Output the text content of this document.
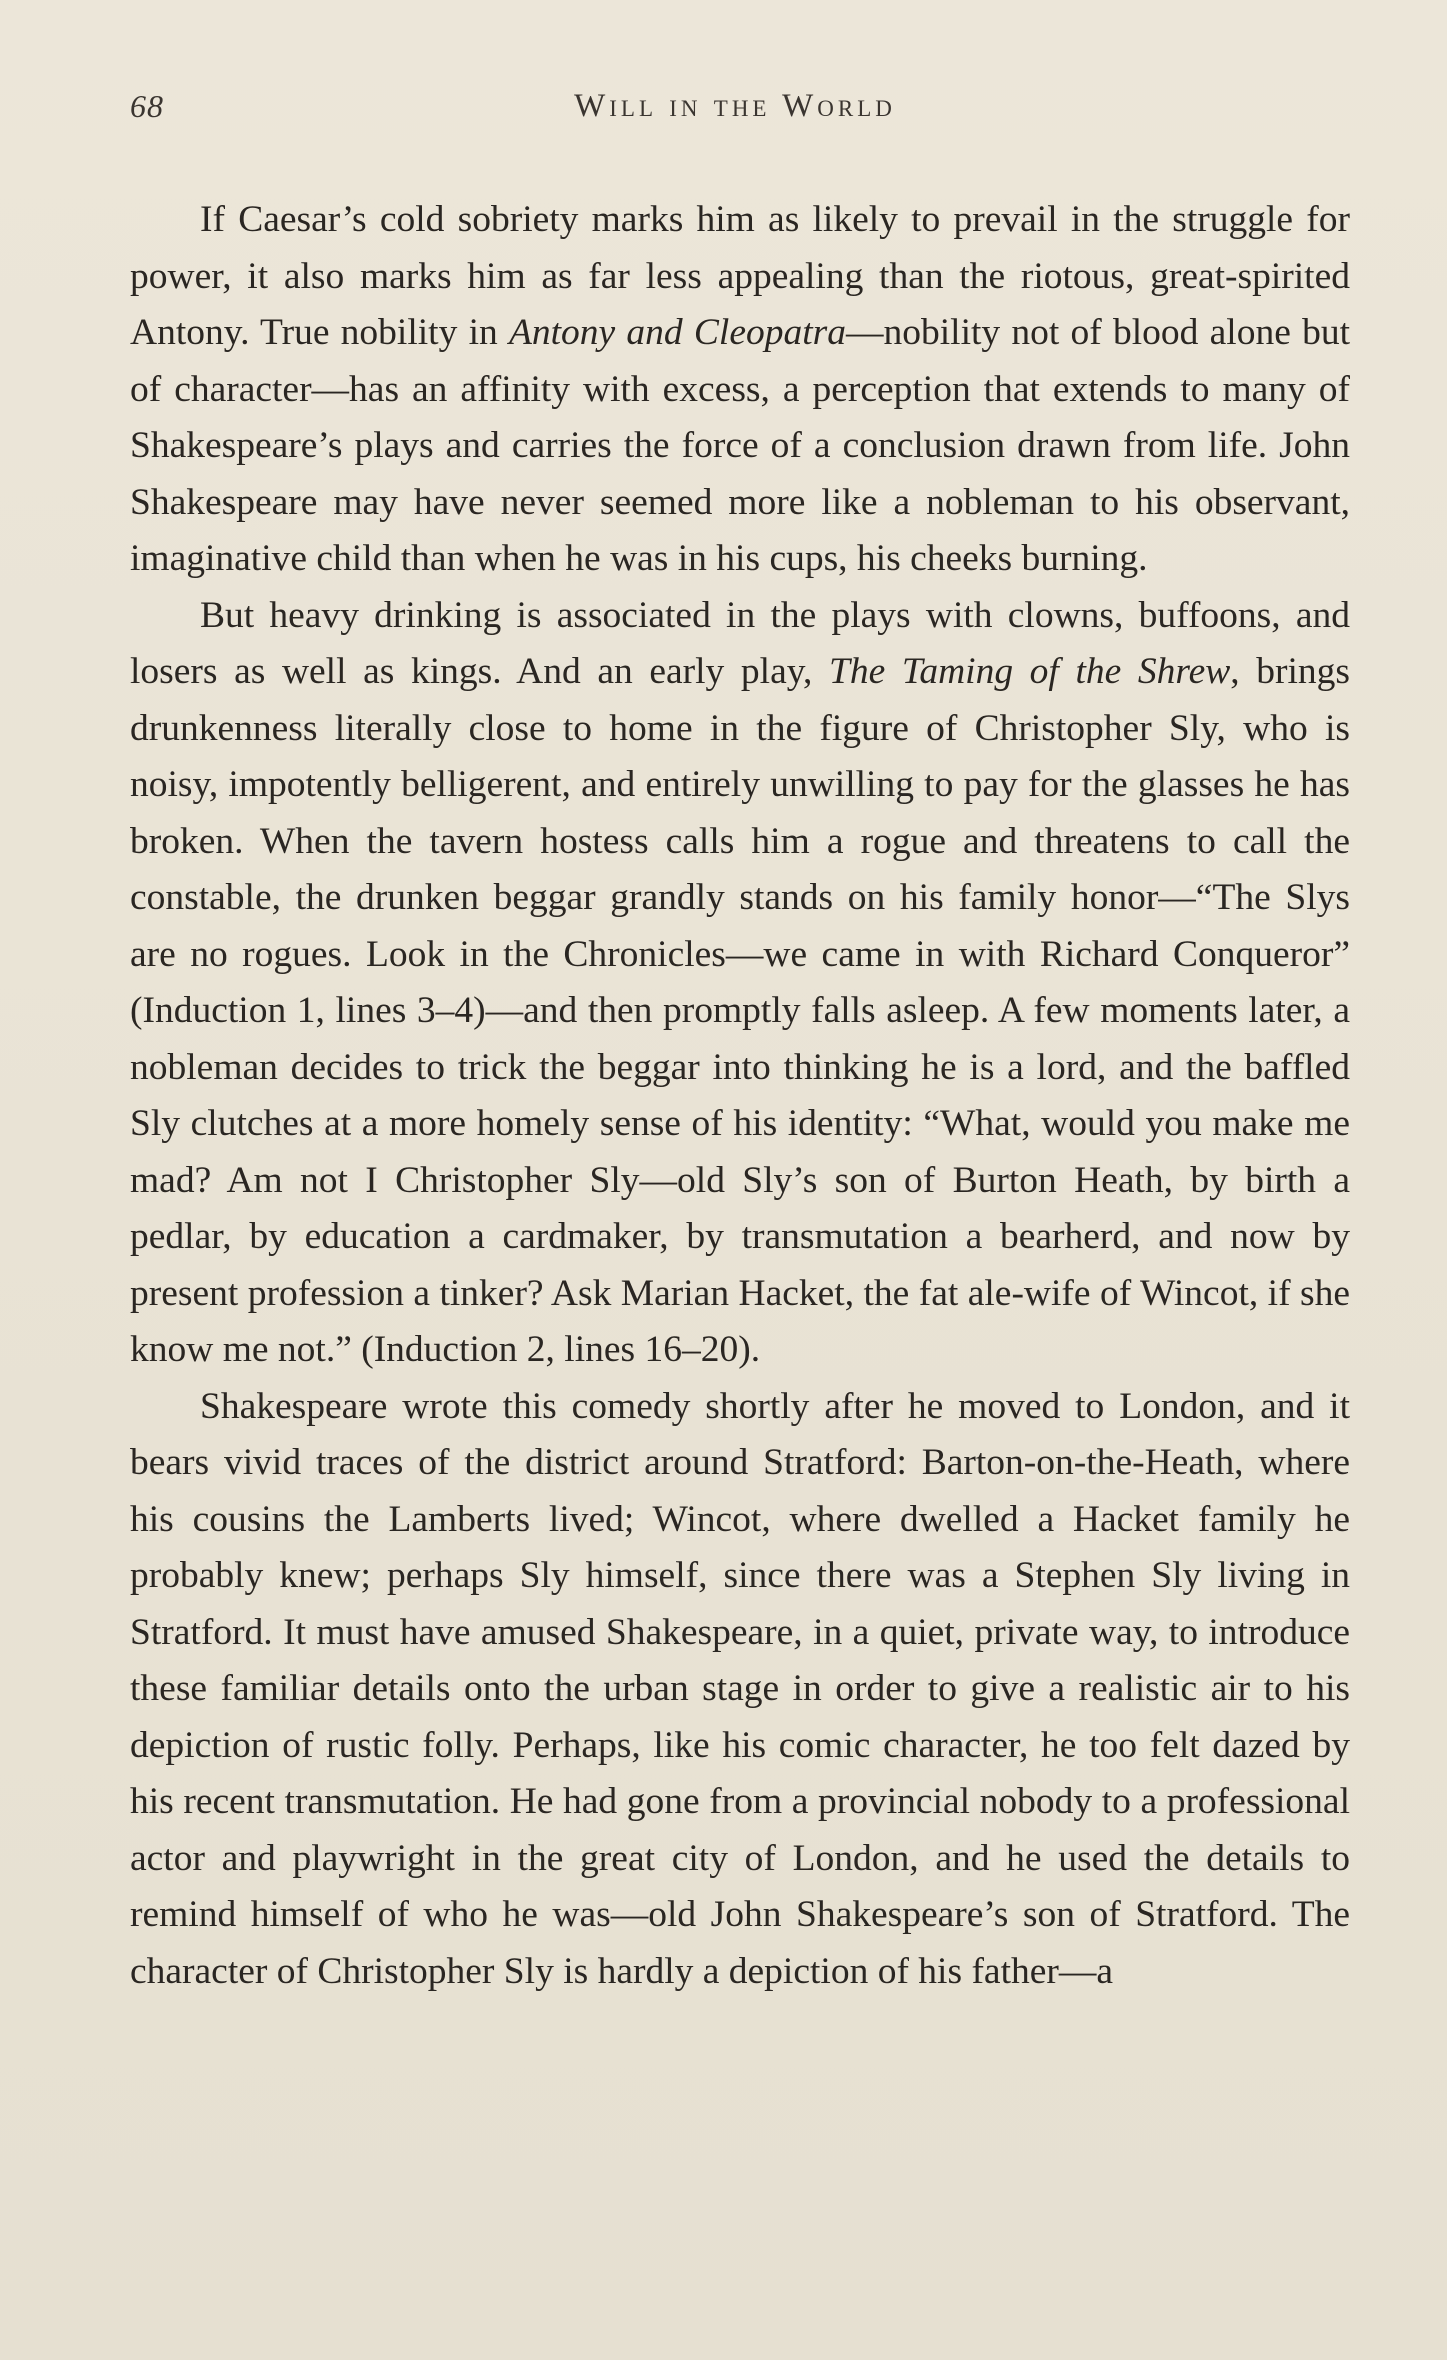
68	Will in the World

If Caesar’s cold sobriety marks him as likely to prevail in the struggle for power, it also marks him as far less appealing than the riotous, great-spirited Antony. True nobility in Antony and Cleopatra—nobility not of blood alone but of character—has an affinity with excess, a perception that extends to many of Shakespeare’s plays and carries the force of a conclusion drawn from life. John Shakespeare may have never seemed more like a nobleman to his observant, imaginative child than when he was in his cups, his cheeks burning.

But heavy drinking is associated in the plays with clowns, buffoons, and losers as well as kings. And an early play, The Taming of the Shrew, brings drunkenness literally close to home in the figure of Christopher Sly, who is noisy, impotently belligerent, and entirely unwilling to pay for the glasses he has broken. When the tavern hostess calls him a rogue and threatens to call the constable, the drunken beggar grandly stands on his family honor—“The Slys are no rogues. Look in the Chronicles—we came in with Richard Conqueror” (Induction 1, lines 3–4)—and then promptly falls asleep. A few moments later, a nobleman decides to trick the beggar into thinking he is a lord, and the baffled Sly clutches at a more homely sense of his identity: “What, would you make me mad? Am not I Christopher Sly—old Sly’s son of Burton Heath, by birth a pedlar, by education a cardmaker, by transmutation a bearherd, and now by present profession a tinker? Ask Marian Hacket, the fat ale-wife of Wincot, if she know me not.” (Induction 2, lines 16–20).

Shakespeare wrote this comedy shortly after he moved to London, and it bears vivid traces of the district around Stratford: Barton-on-the-Heath, where his cousins the Lamberts lived; Wincot, where dwelled a Hacket family he probably knew; perhaps Sly himself, since there was a Stephen Sly living in Stratford. It must have amused Shakespeare, in a quiet, private way, to introduce these familiar details onto the urban stage in order to give a realistic air to his depiction of rustic folly. Perhaps, like his comic character, he too felt dazed by his recent transmutation. He had gone from a provincial nobody to a professional actor and playwright in the great city of London, and he used the details to remind himself of who he was—old John Shakespeare’s son of Stratford. The character of Christopher Sly is hardly a depiction of his father—a
